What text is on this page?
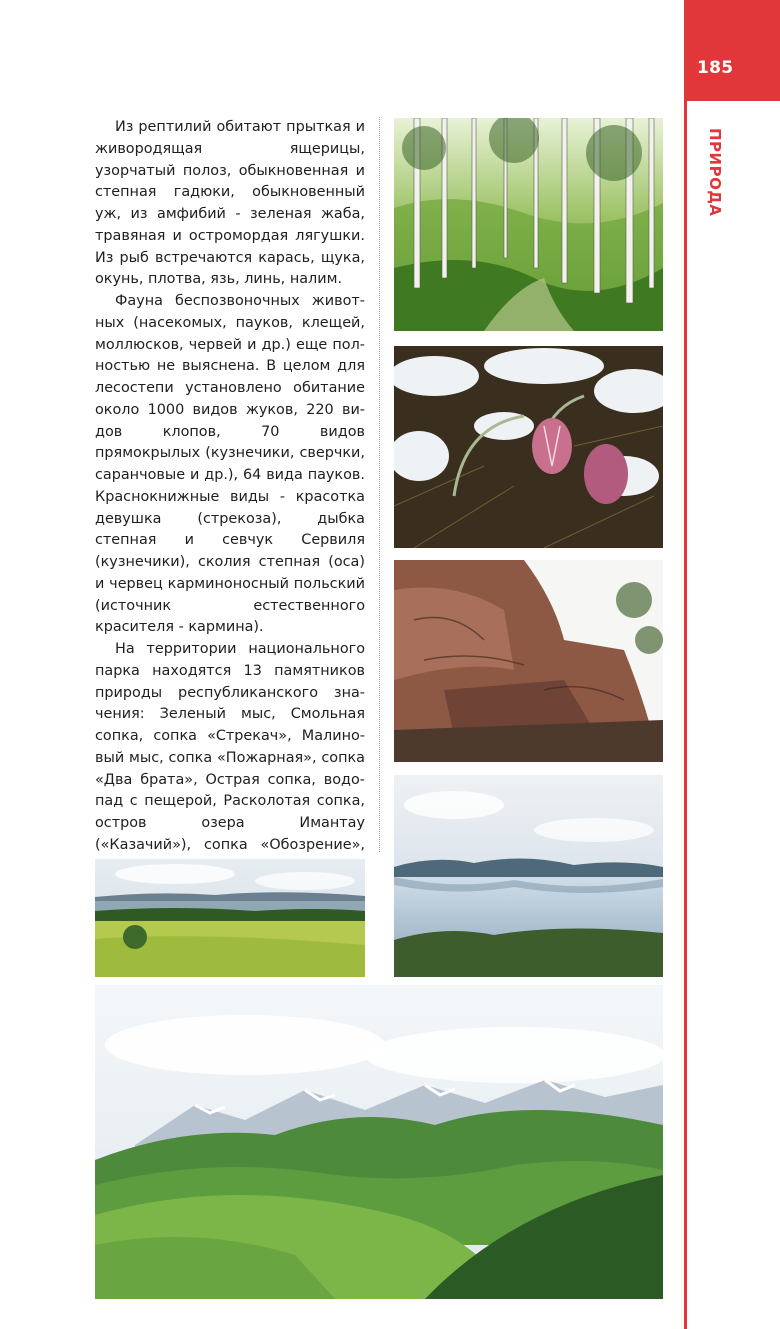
185
ПРИРОДА

Из рептилий обитают прыткая и живородящая ящерицы, узорчатый полоз, обыкновенная и степная гадюки, обыкновенный уж, из амфибий - зеленая жаба, травяная и остромордая лягушки. Из рыб встречаются карась, щука, окунь, плотва, язь, линь, налим.

Фауна беспозвоночных животных (насекомых, пауков, клещей, моллюсков, червей и др.) еще полностью не выяснена. В целом для лесостепи установлено обитание около 1000 видов жуков, 220 видов клопов, 70 видов прямокрылых (кузнечики, сверчки, саранчовые и др.), 64 вида пауков. Краснокнижные виды - красотка девушка (стрекоза), дыбка степная и севчук Сервиля (кузнечики), сколия степная (оса) и червец карминоносный польский (источник естественного красителя - кармина).

На территории национального парка находятся 13 памятников природы республиканского значения: Зеленый мыс, Смольная сопка, сопка «Стрекач», Малиновый мыс, сопка «Пожарная», сопка «Два брата», Острая сопка, водопад с пещерой, Расколотая сопка, остров озера Имантау («Казачий»), сопка «Обозрение»,
